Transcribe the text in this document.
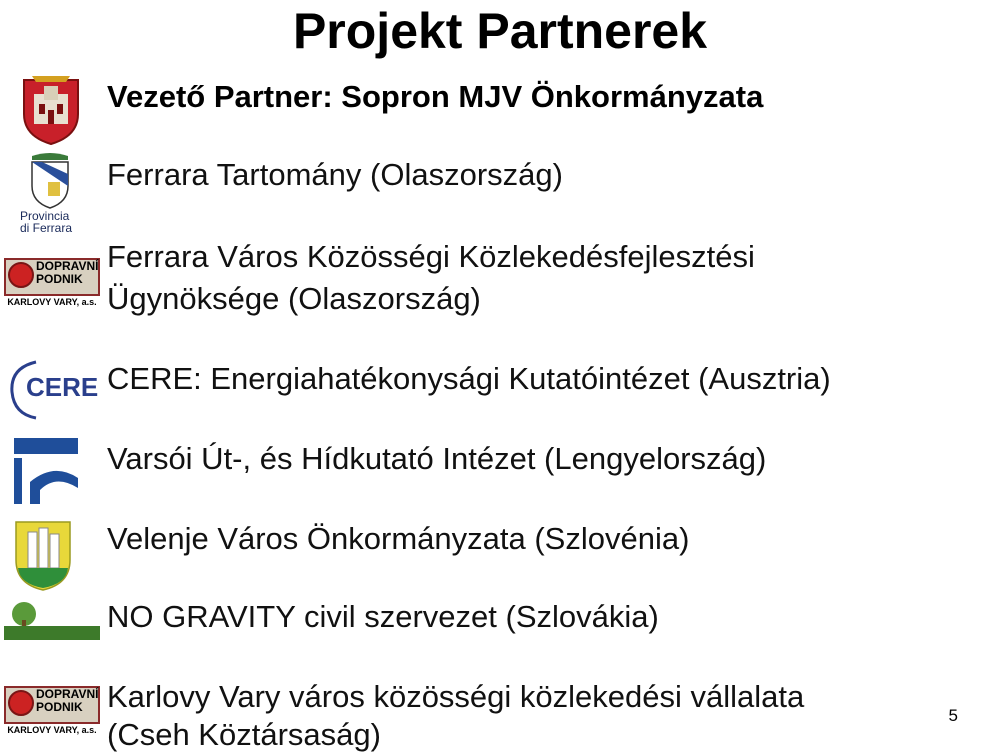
Projekt Partnerek
Vezető Partner: Sopron MJV Önkormányzata
Provincia
di Ferrara
Ferrara Tartomány (Olaszország)
DOPRAVNÍ
PODNIK
KARLOVY VARY, a.s.
Ferrara Város Közösségi Közlekedésfejlesztési
Ügynöksége (Olaszország)
CERE CERE: Energiahatékonysági Kutatóintézet (Ausztria)
Varsói Út-, és Hídkutató Intézet (Lengyelország)
Velenje Város Önkormányzata (Szlovénia)
NO GRAVITY civil szervezet (Szlovákia)
DOPRAVNÍ
PODNIK
KARLOVY VARY, a.s.
Karlovy Vary város közösségi közlekedési vállalata
(Cseh Köztársaság)
5
